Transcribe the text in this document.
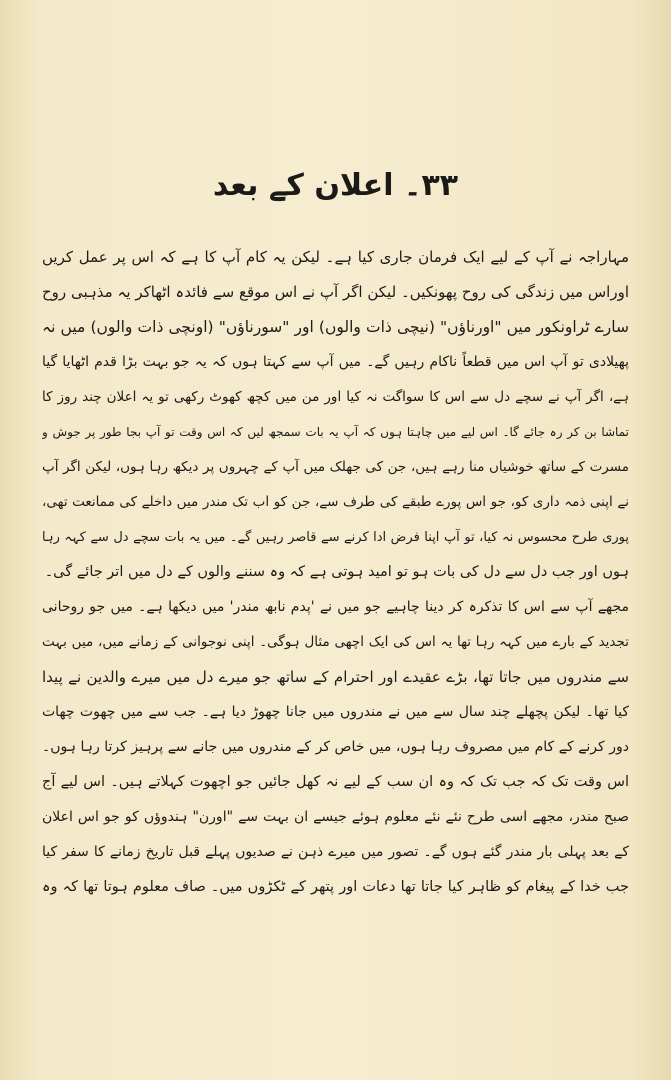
۳۳۔ اعلان کے بعد
مہاراجہ نے آپ کے لیے ایک فرمان جاری کیا ہے۔ لیکن یہ کام آپ کا ہے کہ اس پر عمل کریں
اوراس میں زندگی کی روح پھونکیں۔ لیکن اگر آپ نے اس موقع سے فائدہ اٹھاکر یہ مذہبی روح
سارے ٹراونکور میں "اورناؤں" (نیچی ذات والوں) اور "سورناؤں" (اونچی ذات والوں) میں نہ
پھیلادی تو آپ اس میں قطعاً ناکام رہیں گے۔ میں آپ سے کہتا ہوں کہ یہ جو بہت بڑا قدم اٹھایا گیا
ہے، اگر آپ نے سچے دل سے اس کا سواگت نہ کیا اور من میں کچھ کھوٹ رکھی تو یہ اعلان چند روز کا
تماشا بن کر رہ جائے گا۔ اس لیے میں چاہتا ہوں کہ آپ یہ بات سمجھ لیں کہ اس وقت تو آپ بجا طور پر جوش و
مسرت کے ساتھ خوشیاں منا رہے ہیں، جن کی جھلک میں آپ کے چہروں پر دیکھ رہا ہوں، لیکن اگر آپ
نے اپنی ذمہ داری کو، جو اس پورے طبقے کی طرف سے، جن کو اب تک مندر میں داخلے کی ممانعت تھی،
پوری طرح محسوس نہ کیا، تو آپ اپنا فرض ادا کرنے سے قاصر رہیں گے۔ میں یہ بات سچے دل سے کہہ رہا
ہوں اور جب دل سے دل کی بات ہو تو امید ہوتی ہے کہ وہ سننے والوں کے دل میں اتر جائے گی۔
مجھے آپ سے اس کا تذکرہ کر دینا چاہیے جو میں نے 'پدم نابھ مندر' میں دیکھا ہے۔ میں جو روحانی
تجدید کے بارے میں کہہ رہا تھا یہ اس کی ایک اچھی مثال ہوگی۔ اپنی نوجوانی کے زمانے میں، میں بہت
سے مندروں میں جاتا تھا، بڑے عقیدے اور احترام کے ساتھ جو میرے دل میں میرے والدین نے پیدا
کیا تھا۔ لیکن پچھلے چند سال سے میں نے مندروں میں جانا چھوڑ دیا ہے۔ جب سے میں چھوت چھات
دور کرنے کے کام میں مصروف رہا ہوں، میں خاص کر کے مندروں میں جانے سے پرہیز کرتا رہا ہوں۔
اس وقت تک کہ جب تک کہ وہ ان سب کے لیے نہ کھل جائیں جو اچھوت کہلاتے ہیں۔ اس لیے آج
صبح مندر، مجھے اسی طرح نئے نئے معلوم ہوئے جیسے ان بہت سے "اورن" ہندوؤں کو جو اس اعلان
کے بعد پہلی بار مندر گئے ہوں گے۔ تصور میں میرے ذہن نے صدیوں پہلے قبل تاریخ زمانے کا سفر کیا
جب خدا کے پیغام کو ظاہر کیا جاتا تھا دعات اور پتھر کے ٹکڑوں میں۔ صاف معلوم ہوتا تھا کہ وہ
